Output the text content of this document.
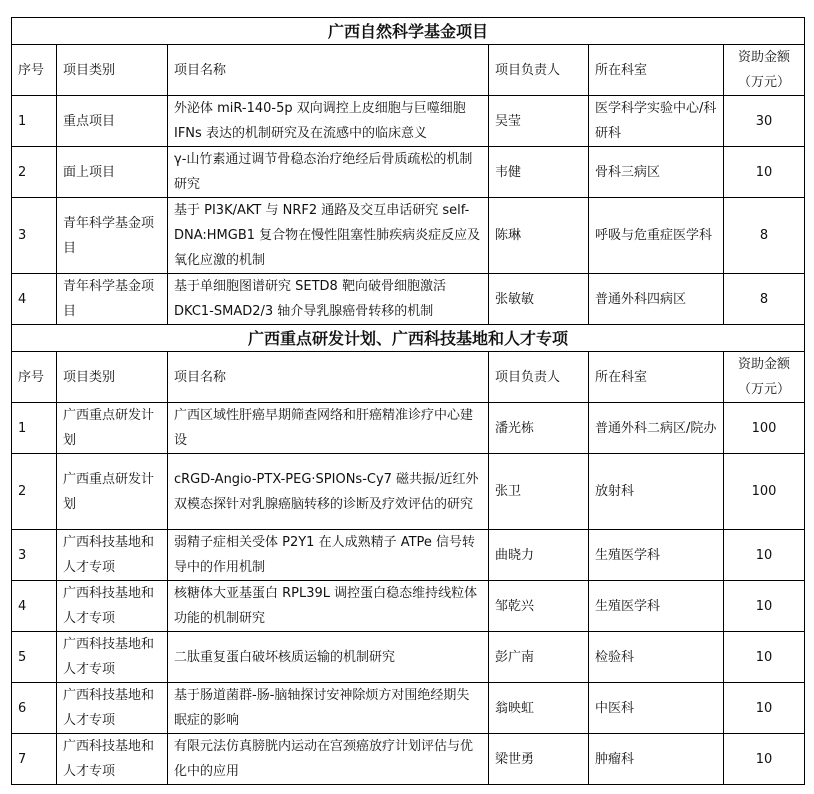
广西自然科学基金项目					
序号	项目类别	项目名称	项目负责人	所在科室	资助金额
（万元）

1	重点项目	外泌体 miR-140-5p 双向调控上皮细胞与巨噬细胞 IFNs 表达的机制研究及在流感中的临床意义	吴莹	医学科学实验中心/科研科	30
2	面上项目	γ-山竹素通过调节骨稳态治疗绝经后骨质疏松的机制研究	韦健	骨科三病区	10
3	青年科学基金项目	基于 PI3K/AKT 与 NRF2 通路及交互串话研究 self-DNA:HMGB1 复合物在慢性阻塞性肺疾病炎症反应及氧化应激的机制	陈琳	呼吸与危重症医学科	8
4	青年科学基金项目	基于单细胞图谱研究 SETD8 靶向破骨细胞激活 DKC1-SMAD2/3 轴介导乳腺癌骨转移的机制	张敏敏	普通外科四病区	8
广西重点研发计划、广西科技基地和人才专项					
序号	项目类别	项目名称	项目负责人	所在科室	资助金额
（万元）

1	广西重点研发计划	广西区域性肝癌早期筛查网络和肝癌精准诊疗中心建设	潘光栋	普通外科二病区/院办	100
2	广西重点研发计划	cRGD-Angio-PTX-PEG·SPIONs-Cy7 磁共振/近红外双模态探针对乳腺癌脑转移的诊断及疗效评估的研究	张卫	放射科	100
3	广西科技基地和人才专项	弱精子症相关受体 P2Y1 在人成熟精子 ATPe 信号转导中的作用机制	曲晓力	生殖医学科	10
4	广西科技基地和人才专项	核糖体大亚基蛋白 RPL39L 调控蛋白稳态维持线粒体功能的机制研究	邹乾兴	生殖医学科	10
5	广西科技基地和人才专项	二肽重复蛋白破坏核质运输的机制研究	彭广南	检验科	10
6	广西科技基地和人才专项	基于肠道菌群-肠-脑轴探讨安神除烦方对围绝经期失眠症的影响	翁映虹	中医科	10
7	广西科技基地和人才专项	有限元法仿真膀胱内运动在宫颈癌放疗计划评估与优化中的应用	梁世勇	肿瘤科	10
